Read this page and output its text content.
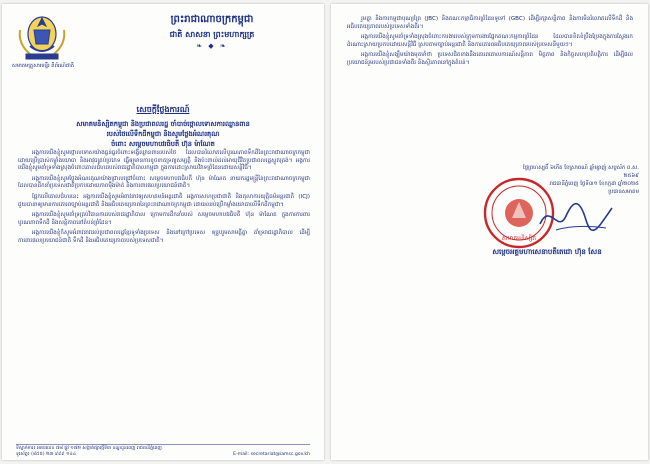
សមាគមគ្រូសារមន្ទីរ ពិព័រណ៍ជាតិ
ព្រះរាជាណាចក្រកម្ពុជា
ជាតិ សាសនា ព្រះមហាក្សត្រ
❧ ◆ ❧
សេចក្ដីថ្លែងការណ៍
សមាគមនិស្សិតកម្ពុជា និងប្រជាពលរដ្ឋ ចាំបាច់ថ្កោលទោសការឈ្លានពាន
របស់ថៃលើទឹកដីកម្ពុជា និងសូមថ្លែងអំណរគុណ
ចំពោះ សម្ដេចមហាបវរធិបតី ហ៊ុន ម៉ាណែត

អង្គការយើងខ្ញុំសូមថ្កោលទោសយ៉ាងធ្ងន់ធ្ងរចំពោះទង្វើឈ្លានពានរបស់ថៃ ដែលបានរំលោភលើបូរណភាពទឹកដីនៃព្រះរាជាណាចក្រកម្ពុជា ដោយប្រើប្រាស់កម្លាំងយោធា និងអាវុធគ្រប់ប្រភេទ ធ្វើឲ្យមានការខូចខាតទ្រព្យសម្បត្តិ និងប៉ះពាល់ដល់អាយុជីវិតប្រជាពលរដ្ឋស្លូតត្រង់។ អង្គការយើងខ្ញុំសូមគាំទ្រទាំងស្រុងចំពោះគោលជំហររបស់រាជរដ្ឋាភិបាលកម្ពុជា ក្នុងការដោះស្រាយវិវាទព្រំដែនដោយសន្តិវិធី។

អង្គការយើងខ្ញុំសូមថ្លែងអំណរគុណយ៉ាងជ្រាលជ្រៅចំពោះ សម្ដេចមហាបវរធិបតី ហ៊ុន ម៉ាណែត នាយករដ្ឋមន្ត្រីនៃព្រះរាជាណាចក្រកម្ពុជា ដែលបានដឹកនាំប្រទេសជាតិប្រកបដោយភាពម៉ឺងម៉ាត់ និងការពារផលប្រយោជន៍ជាតិ។

ផ្អែកលើគោលជំហរនេះ អង្គការយើងខ្ញុំសូមអំពាវនាវឲ្យសហគមន៍អន្តរជាតិ អង្គការសហប្រជាជាតិ និងតុលាការយុត្តិធម៌អន្តរជាតិ (ICJ) ជួយធានាឲ្យមានការគោរពច្បាប់អន្តរជាតិ និងអធិបតេយ្យភាពនៃព្រះរាជាណាចក្រកម្ពុជា ដោយឈប់ប្រើកម្លាំងយោធាលើទឹកដីកម្ពុជា។

អង្គការយើងខ្ញុំសូមគាំទ្រគ្រប់វិធានការរបស់រាជរដ្ឋាភិបាល ក្រោមការដឹកនាំរបស់ សម្ដេចមហាបវរធិបតី ហ៊ុន ម៉ាណែត ក្នុងការការពារបូរណភាពទឹកដី និងសន្តិភាពនៅតំបន់ព្រំដែន។

អង្គការយើងខ្ញុំក៏សូមអំពាវនាវដល់ប្រជាពលរដ្ឋខ្មែរទូទាំងប្រទេស និងនៅក្រៅប្រទេស ឲ្យរួបរួមសាមគ្គីគ្នា គាំទ្ររាជរដ្ឋាភិបាល ដើម្បីការពារផលប្រយោជន៍ជាតិ ទឹកដី និងអធិបតេយ្យភាពរបស់ប្រទេសជាតិ។

ទីស្នាក់ការ៖ អគារលេខ ៧៨ ផ្លូវ ១៧២ សង្កាត់ផ្សារថ្មីទី៣ ខណ្ឌដូនពេញ រាជធានីភ្នំពេញ
ទូរស័ព្ទ៖ (៨៥៥) ២៣ ៩៩៩ ១៤៤	E-mail: secretariat@iamsc.gov.kh

រួមគ្នា និងការកម្ពុជាបុណ្យព្រៃ (JBC) និងគណៈកម្មាធិការព្រំដែនទូទៅ (GBC) ដើម្បីរក្សាសន្តិភាព និងការមិនរំលោភលើទឹកដី និងអធិបតេយ្យភាពរបស់ប្រទេសទាំងពីរ។

អង្គការយើងខ្ញុំសូមគាំទ្រទាំងស្រុងចំពោះការងាររបស់ក្រុមការងារផ្នែកគណៈកម្មការព្រំដែន ដែលបានខិតខំប្រឹងប្រែងក្នុងការស្វែងរកដំណោះស្រាយប្រកបដោយសន្តិវិធី ស្របតាមច្បាប់អន្តរជាតិ និងការគោរពអធិបតេយ្យភាពរបស់ប្រទេសនីមួយៗ។

អង្គការយើងខ្ញុំសង្ឃឹមយ៉ាងមុតមាំថា ប្រទេសជិតខាងនឹងគោរពគោលការណ៍សន្តិភាព មិត្តភាព និងកិច្ចសហប្រតិបត្តិការ ដើម្បីផលប្រយោជន៍រួមរបស់ប្រជាជនទាំងពីរ និងស្ថិរភាពនៅក្នុងតំបន់។

ថ្ងៃព្រហស្បតិ៍ ៦កើត ខែស្រាពណ៍ ឆ្នាំម្សាញ់ សប្តស័ក ព.ស. ២៥៦៩
រាជធានីភ្នំពេញ ថ្ងៃទី៣១ ខែកក្កដា ឆ្នាំ២០២៥
ប្រធានសមាគម
សមាគមនិស្សិត
សម្ដេចអគ្គមហាសេនាបតីតេជោ ហ៊ុន សែន
